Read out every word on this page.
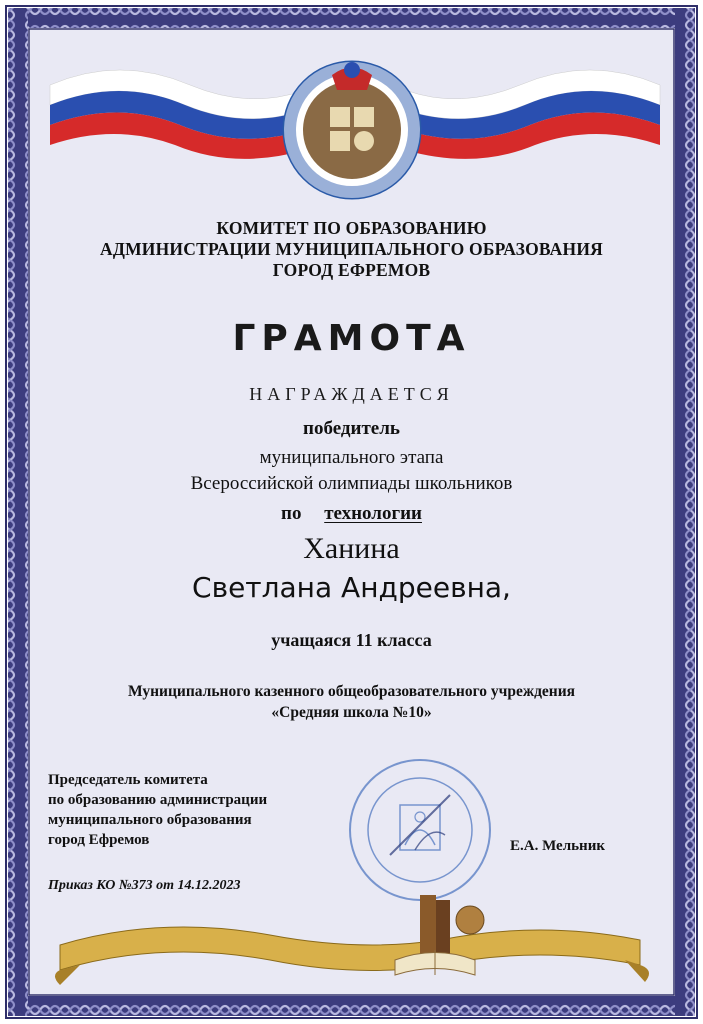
КОМИТЕТ ПО ОБРАЗОВАНИЮ
АДМИНИСТРАЦИИ МУНИЦИПАЛЬНОГО ОБРАЗОВАНИЯ
ГОРОД ЕФРЕМОВ
ГРАМОТА
НАГРАЖДАЕТСЯ
победитель
муниципального этапа
Всероссийской олимпиады школьников
по технологии
Ханина
Светлана Андреевна,
учащаяся 11 класса
Муниципального казенного общеобразовательного учреждения
«Средняя школа №10»
Председатель комитета
по образованию администрации
муниципального образования
город Ефремов	Е.А. Мельник
Приказ КО №373 от 14.12.2023
